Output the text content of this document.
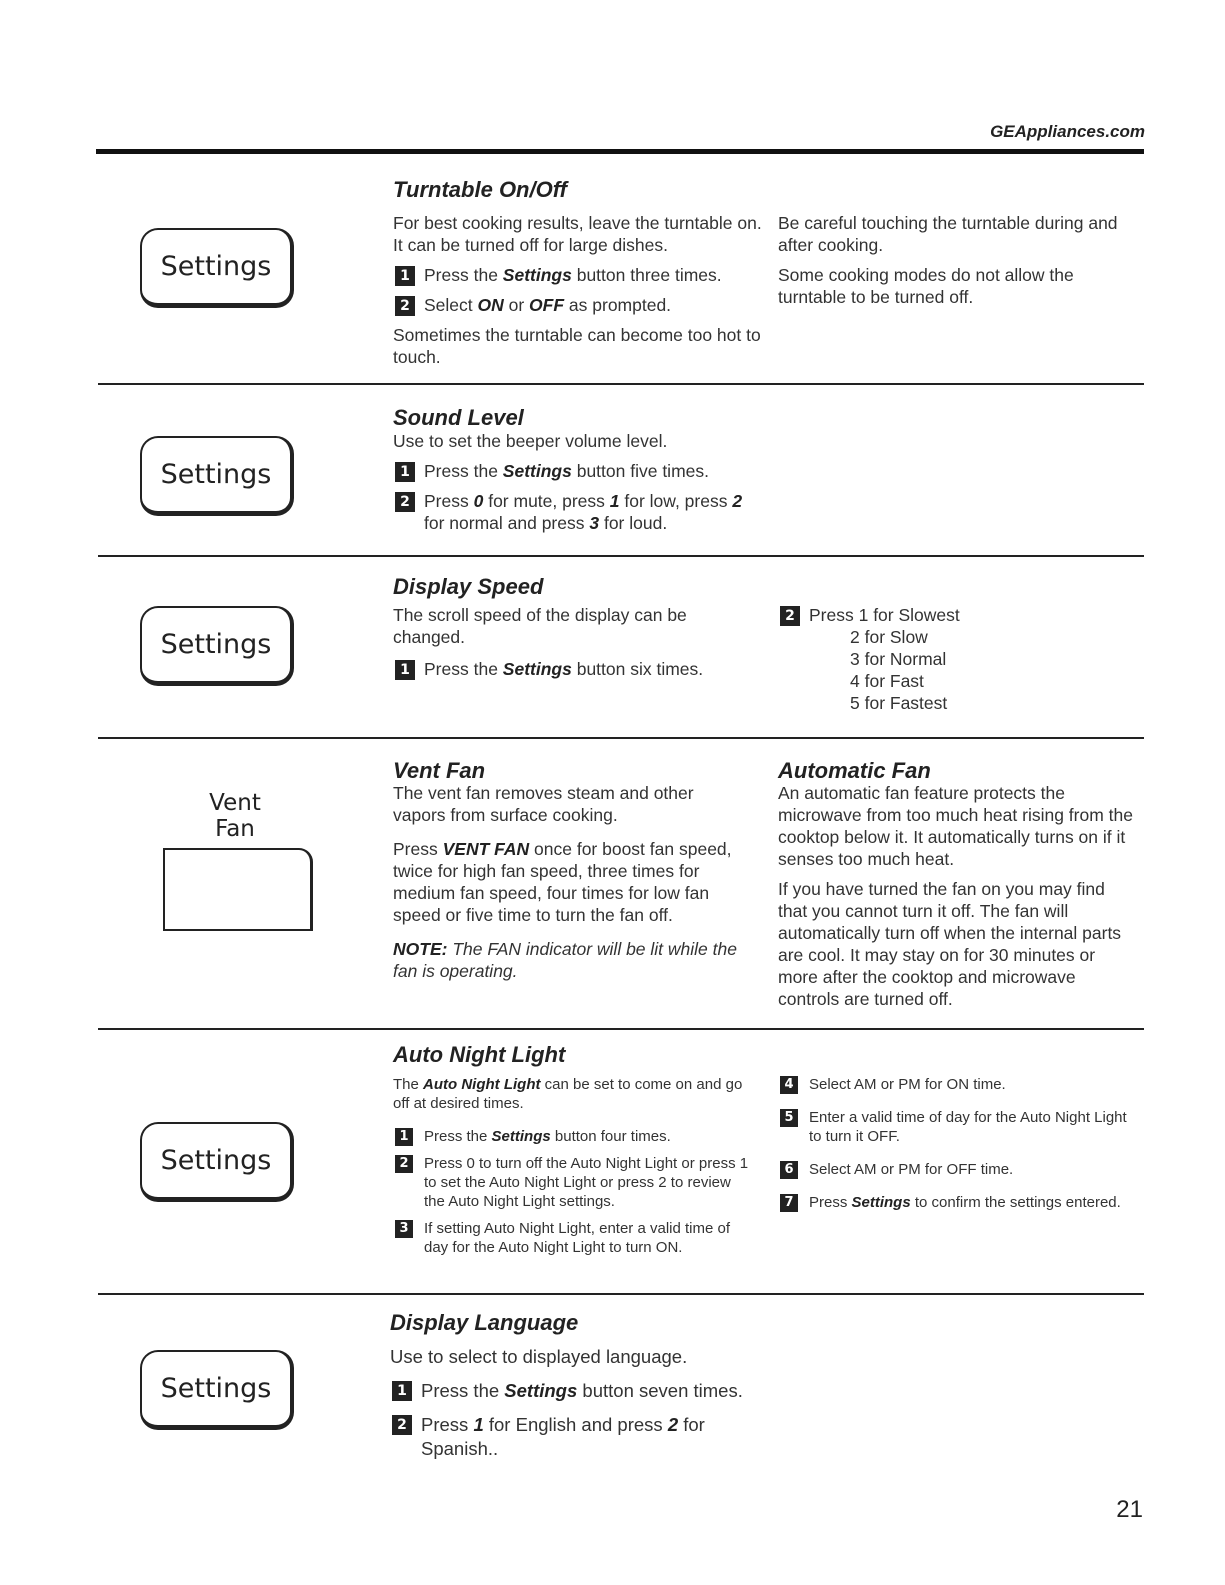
GEAppliances.com
Settings
Turntable On/Off

For best cooking results, leave the turntable on. It can be turned off for large dishes.

1 Press the Settings button three times.
2 Select ON or OFF as prompted.

Sometimes the turntable can become too hot to touch.

Be careful touching the turntable during and after cooking.

Some cooking modes do not allow the turntable to be turned off.

Settings
Sound Level

Use to set the beeper volume level.

1 Press the Settings button five times.
2 Press 0 for mute, press 1 for low, press 2 for normal and press 3 for loud.
Settings
Display Speed

The scroll speed of the display can be changed.

1 Press the Settings button six times.
2 Press 1 for Slowest
2 for Slow
3 for Normal
4 for Fast
5 for Fastest
Vent
Fan
Vent Fan

The vent fan removes steam and other vapors from surface cooking.

Press VENT FAN once for boost fan speed, twice for high fan speed, three times for medium fan speed, four times for low fan speed or five time to turn the fan off.

NOTE: The FAN indicator will be lit while the fan is operating.

Automatic Fan

An automatic fan feature protects the microwave from too much heat rising from the cooktop below it. It automatically turns on if it senses too much heat.

If you have turned the fan on you may find that you cannot turn it off. The fan will automatically turn off when the internal parts are cool. It may stay on for 30 minutes or more after the cooktop and microwave controls are turned off.

Settings
Auto Night Light

The Auto Night Light can be set to come on and go off at desired times.

1 Press the Settings button four times.
2 Press 0 to turn off the Auto Night Light or press 1 to set the Auto Night Light or press 2 to review the Auto Night Light settings.
3 If setting Auto Night Light, enter a valid time of day for the Auto Night Light to turn ON.
4 Select AM or PM for ON time.
5 Enter a valid time of day for the Auto Night Light to turn it OFF.
6 Select AM or PM for OFF time.
7 Press Settings to confirm the settings entered.
Settings
Display Language

Use to select to displayed language.

1 Press the Settings button seven times.
2 Press 1 for English and press 2 for Spanish..
21
